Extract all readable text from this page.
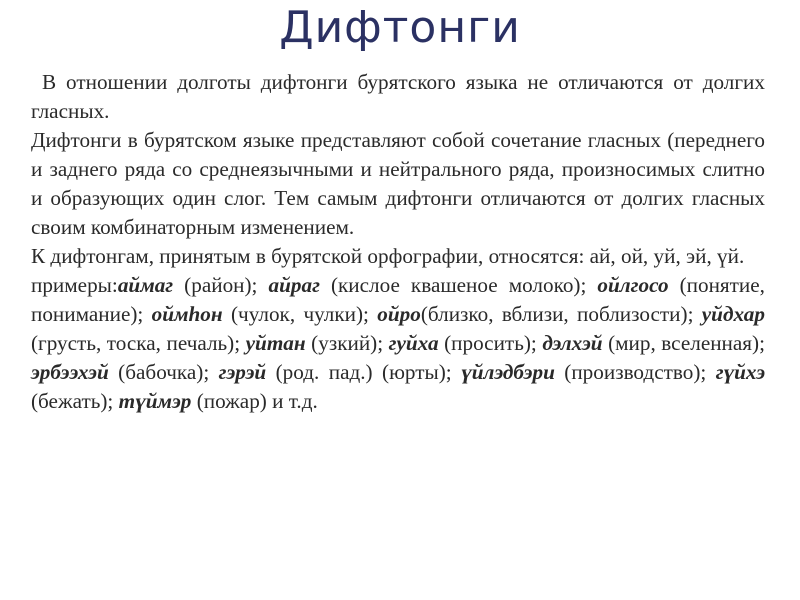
Дифтонги

В отношении долготы дифтонги бурятского языка не отличаются от долгих гласных.

Дифтонги в бурятском языке представляют собой сочетание гласных (переднего и заднего ряда со среднеязычными и нейтрального ряда, произносимых слитно и образующих один слог. Тем самым дифтонги отличаются от долгих гласных своим комбинаторным изменением.

К дифтонгам, принятым в бурятской орфографии, относятся: ай, ой, уй, эй, үй.

примеры:аймаг (район); айраг (кислое квашеное молоко); ойлгосо (понятие, понимание); оймһон (чулок, чулки); ойро(близко, вблизи, поблизости); уйдхар (грусть, тоска, печаль); уйтан (узкий); гуйха (просить); дэлхэй (мир, вселенная); эрбээхэй (бабочка); гэрэй (род. пад.) (юрты); үйлэдбэри (производство); гүйхэ (бежать); түймэр (пожар) и т.д.
